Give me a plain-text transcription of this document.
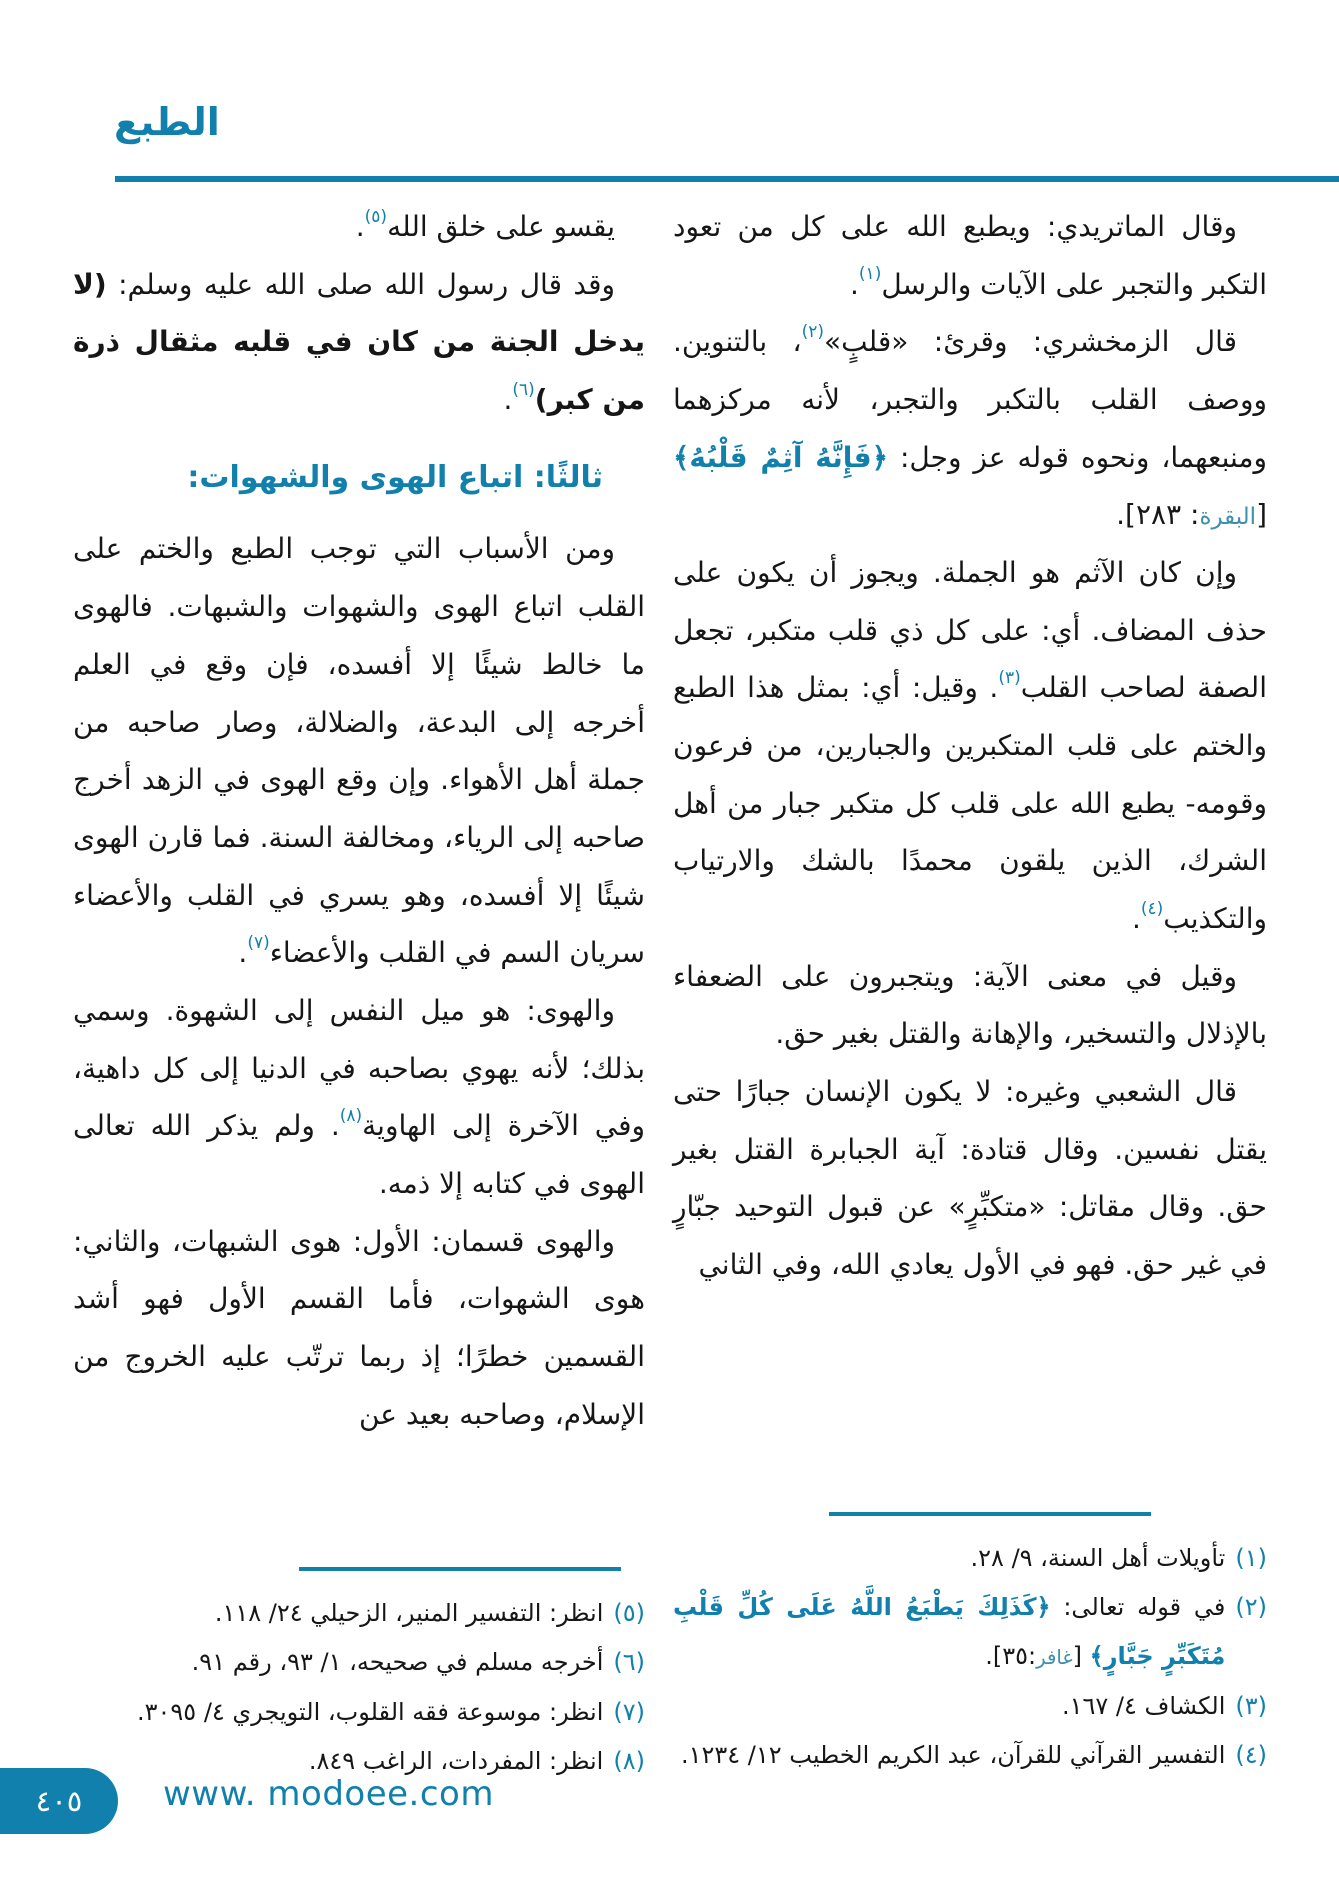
الطبع

وقال الماتريدي: ويطبع الله على كل من تعود التكبر والتجبر على الآيات والرسل$^{(١)}$.

قال الزمخشري: وقرئ: «قلبٍ»$^{(٢)}$، بالتنوين. ووصف القلب بالتكبر والتجبر، لأنه مركزهما ومنبعهما، ونحوه قوله عز وجل: ﴿فَإِنَّهُ آثِمٌ قَلْبُهُ﴾ [البقرة: ٢٨٣].

وإن كان الآثم هو الجملة. ويجوز أن يكون على حذف المضاف. أي: على كل ذي قلب متكبر، تجعل الصفة لصاحب القلب$^{(٣)}$. وقيل: أي: بمثل هذا الطبع والختم على قلب المتكبرين والجبارين، من فرعون وقومه- يطبع الله على قلب كل متكبر جبار من أهل الشرك، الذين يلقون محمدًا بالشك والارتياب والتكذيب$^{(٤)}$.

وقيل في معنى الآية: ويتجبرون على الضعفاء بالإذلال والتسخير، والإهانة والقتل بغير حق.

قال الشعبي وغيره: لا يكون الإنسان جبارًا حتى يقتل نفسين. وقال قتادة: آية الجبابرة القتل بغير حق. وقال مقاتل: «متكبِّرٍ» عن قبول التوحيد جبّارٍ في غير حق. فهو في الأول يعادي الله، وفي الثاني

(١)
تأويلات أهل السنة، ٩/ ٢٨.
(٢)
في قوله تعالى: ﴿كَذَلِكَ يَطْبَعُ اللَّهُ عَلَى كُلِّ قَلْبِ مُتَكَبِّرٍ جَبَّارٍ﴾ [غافر:٣٥].
(٣)
الكشاف ٤/ ١٦٧.
(٤)
التفسير القرآني للقرآن، عبد الكريم الخطيب ١٢/ ١٢٣٤.

يقسو على خلق الله$^{(٥)}$.

وقد قال رسول الله صلى الله عليه وسلم: (لا يدخل الجنة من كان في قلبه مثقال ذرة من كبر)$^{(٦)}$.

ثالثًا: اتباع الهوى والشهوات:

ومن الأسباب التي توجب الطبع والختم على القلب اتباع الهوى والشهوات والشبهات. فالهوى ما خالط شيئًا إلا أفسده، فإن وقع في العلم أخرجه إلى البدعة، والضلالة، وصار صاحبه من جملة أهل الأهواء. وإن وقع الهوى في الزهد أخرج صاحبه إلى الرياء، ومخالفة السنة. فما قارن الهوى شيئًا إلا أفسده، وهو يسري في القلب والأعضاء سريان السم في القلب والأعضاء$^{(٧)}$.

والهوى: هو ميل النفس إلى الشهوة. وسمي بذلك؛ لأنه يهوي بصاحبه في الدنيا إلى كل داهية، وفي الآخرة إلى الهاوية$^{(٨)}$. ولم يذكر الله تعالى الهوى في كتابه إلا ذمه.

والهوى قسمان: الأول: هوى الشبهات، والثاني: هوى الشهوات، فأما القسم الأول فهو أشد القسمين خطرًا؛ إذ ربما ترتّب عليه الخروج من الإسلام، وصاحبه بعيد عن

(٥)
انظر: التفسير المنير، الزحيلي ٢٤/ ١١٨.
(٦)
أخرجه مسلم في صحيحه، ١/ ٩٣، رقم ٩١.
(٧)
انظر: موسوعة فقه القلوب، التويجري ٤/ ٣٠٩٥.
(٨)
انظر: المفردات، الراغب ٨٤٩.
٤٠٥ www. modoee.com
